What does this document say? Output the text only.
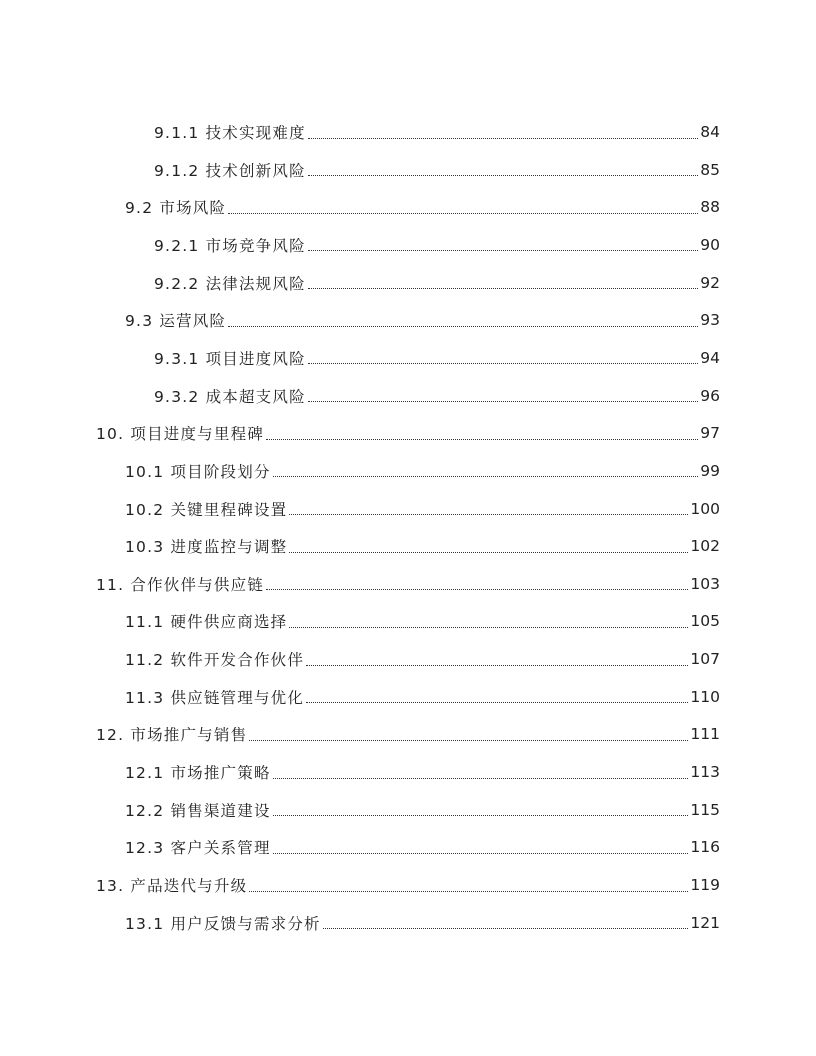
9.1.1 技术实现难度	84
9.1.2 技术创新风险	85
9.2 市场风险	88
9.2.1 市场竞争风险	90
9.2.2 法律法规风险	92
9.3 运营风险	93
9.3.1 项目进度风险	94
9.3.2 成本超支风险	96
10. 项目进度与里程碑	97
10.1 项目阶段划分	99
10.2 关键里程碑设置	100
10.3 进度监控与调整	102
11. 合作伙伴与供应链	103
11.1 硬件供应商选择	105
11.2 软件开发合作伙伴	107
11.3 供应链管理与优化	110
12. 市场推广与销售	111
12.1 市场推广策略	113
12.2 销售渠道建设	115
12.3 客户关系管理	116
13. 产品迭代与升级	119
13.1 用户反馈与需求分析	121
